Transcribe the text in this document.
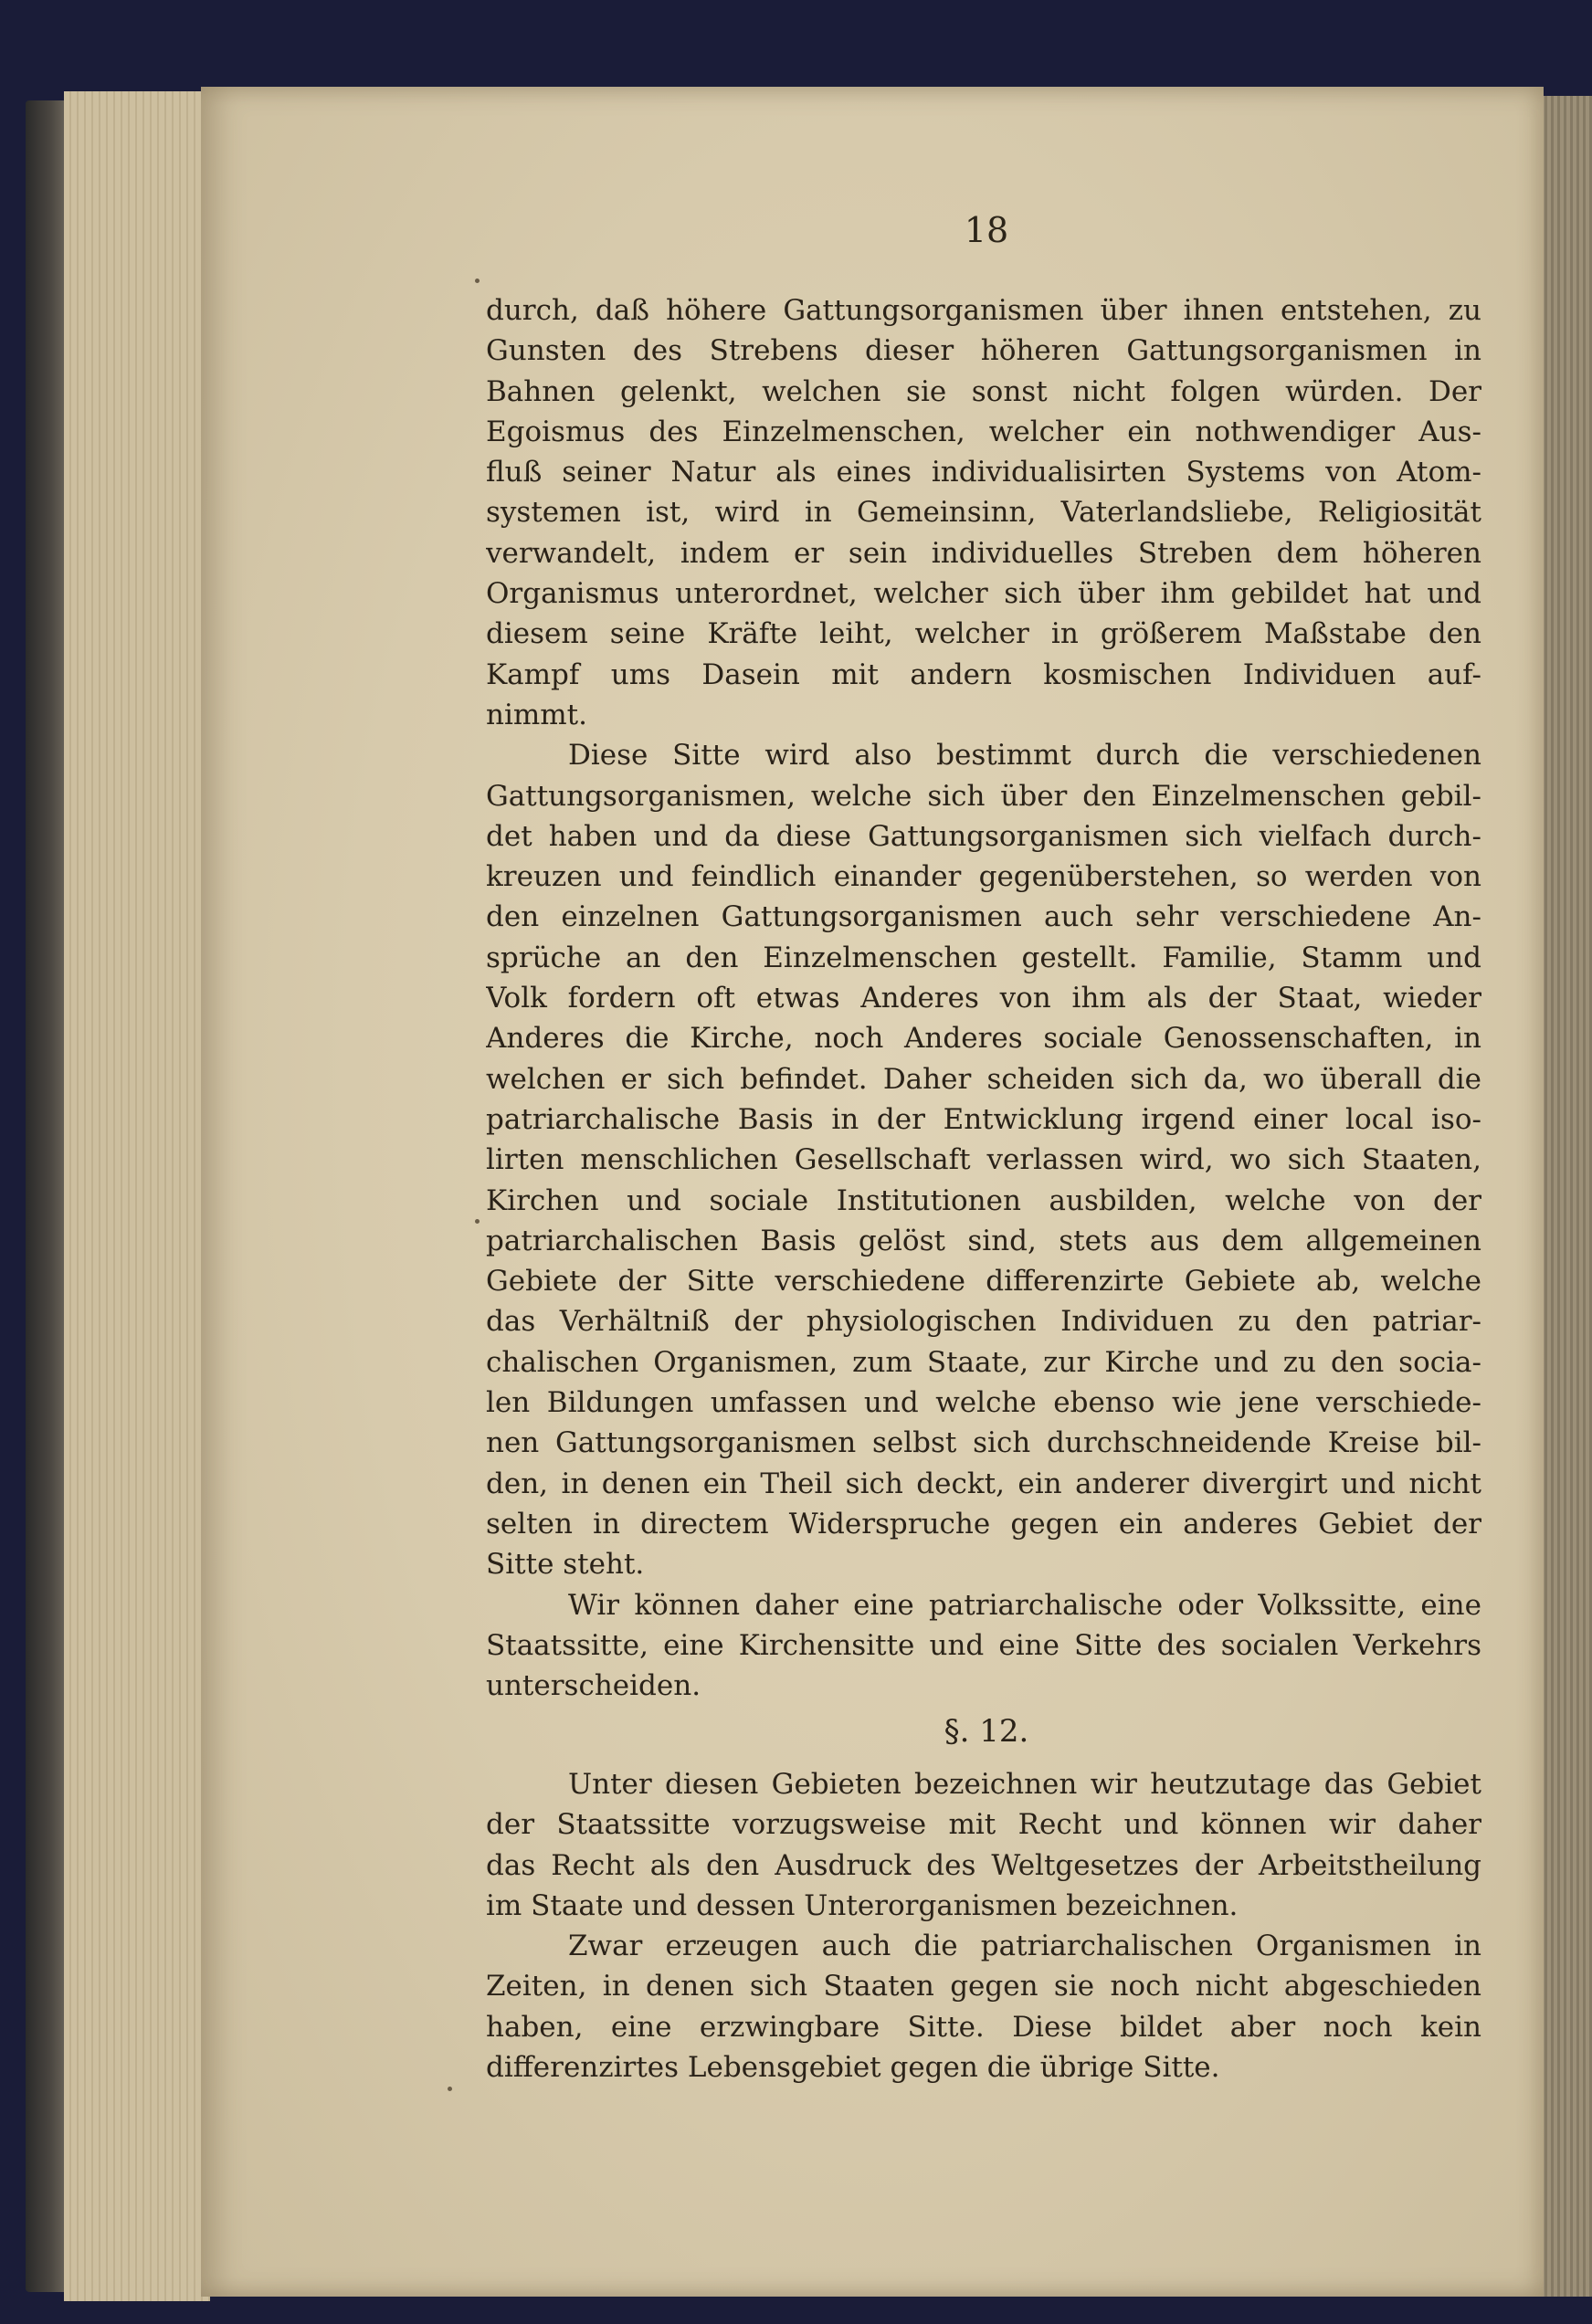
18
durch, daß höhere Gattungsorganismen über ihnen entstehen, zu
Gunsten des Strebens dieser höheren Gattungsorganismen in
Bahnen gelenkt, welchen sie sonst nicht folgen würden. Der
Egoismus des Einzelmenschen, welcher ein nothwendiger Aus-
fluß seiner Natur als eines individualisirten Systems von Atom-
systemen ist, wird in Gemeinsinn, Vaterlandsliebe, Religiosität
verwandelt, indem er sein individuelles Streben dem höheren
Organismus unterordnet, welcher sich über ihm gebildet hat und
diesem seine Kräfte leiht, welcher in größerem Maßstabe den
Kampf ums Dasein mit andern kosmischen Individuen auf-
nimmt.
Diese Sitte wird also bestimmt durch die verschiedenen
Gattungsorganismen, welche sich über den Einzelmenschen gebil-
det haben und da diese Gattungsorganismen sich vielfach durch-
kreuzen und feindlich einander gegenüberstehen, so werden von
den einzelnen Gattungsorganismen auch sehr verschiedene An-
sprüche an den Einzelmenschen gestellt. Familie, Stamm und
Volk fordern oft etwas Anderes von ihm als der Staat, wieder
Anderes die Kirche, noch Anderes sociale Genossenschaften, in
welchen er sich befindet. Daher scheiden sich da, wo überall die
patriarchalische Basis in der Entwicklung irgend einer local iso-
lirten menschlichen Gesellschaft verlassen wird, wo sich Staaten,
Kirchen und sociale Institutionen ausbilden, welche von der
patriarchalischen Basis gelöst sind, stets aus dem allgemeinen
Gebiete der Sitte verschiedene differenzirte Gebiete ab, welche
das Verhältniß der physiologischen Individuen zu den patriar-
chalischen Organismen, zum Staate, zur Kirche und zu den socia-
len Bildungen umfassen und welche ebenso wie jene verschiede-
nen Gattungsorganismen selbst sich durchschneidende Kreise bil-
den, in denen ein Theil sich deckt, ein anderer divergirt und nicht
selten in directem Widerspruche gegen ein anderes Gebiet der
Sitte steht.
Wir können daher eine patriarchalische oder Volkssitte, eine
Staatssitte, eine Kirchensitte und eine Sitte des socialen Verkehrs
unterscheiden.
§. 12.
Unter diesen Gebieten bezeichnen wir heutzutage das Gebiet
der Staatssitte vorzugsweise mit Recht und können wir daher
das Recht als den Ausdruck des Weltgesetzes der Arbeitstheilung
im Staate und dessen Unterorganismen bezeichnen.
Zwar erzeugen auch die patriarchalischen Organismen in
Zeiten, in denen sich Staaten gegen sie noch nicht abgeschieden
haben, eine erzwingbare Sitte. Diese bildet aber noch kein
differenzirtes Lebensgebiet gegen die übrige Sitte.
